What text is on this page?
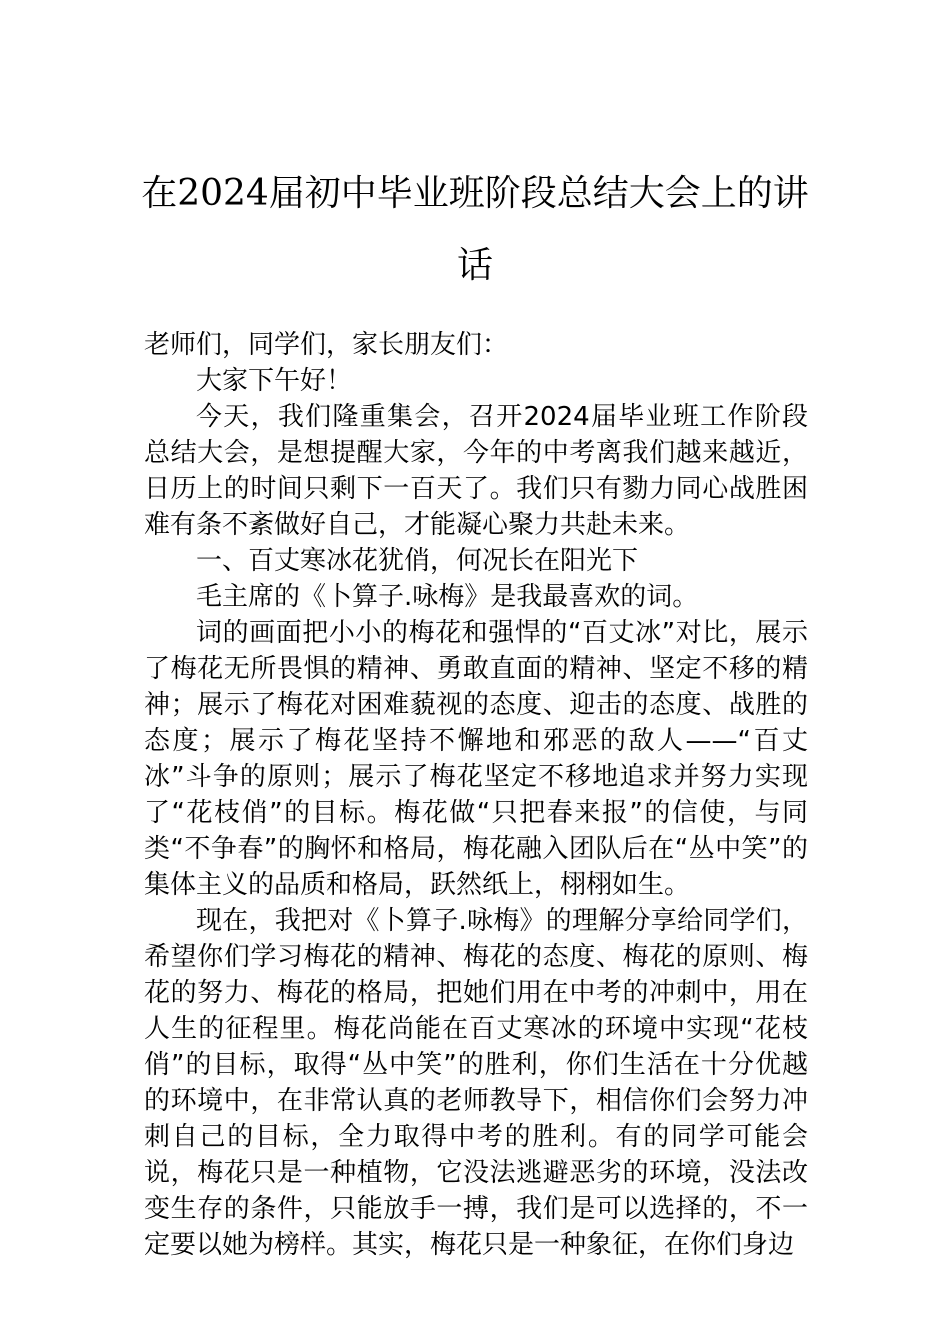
在2024届初中毕业班阶段总结大会上的讲话

老师们，同学们，家长朋友们：

大家下午好！

今天，我们隆重集会，召开2024届毕业班工作阶段总结大会，是想提醒大家，今年的中考离我们越来越近，日历上的时间只剩下一百天了。我们只有勠力同心战胜困难有条不紊做好自己，才能凝心聚力共赴未来。

一、百丈寒冰花犹俏，何况长在阳光下

毛主席的《卜算子.咏梅》是我最喜欢的词。

词的画面把小小的梅花和强悍的“百丈冰”对比，展示了梅花无所畏惧的精神、勇敢直面的精神、坚定不移的精神；展示了梅花对困难藐视的态度、迎击的态度、战胜的态度；展示了梅花坚持不懈地和邪恶的敌人——“百丈冰”斗争的原则；展示了梅花坚定不移地追求并努力实现了“花枝俏”的目标。梅花做“只把春来报”的信使，与同类“不争春”的胸怀和格局，梅花融入团队后在“丛中笑”的集体主义的品质和格局，跃然纸上，栩栩如生。

现在，我把对《卜算子.咏梅》的理解分享给同学们，希望你们学习梅花的精神、梅花的态度、梅花的原则、梅花的努力、梅花的格局，把她们用在中考的冲刺中，用在人生的征程里。梅花尚能在百丈寒冰的环境中实现“花枝俏”的目标，取得“丛中笑”的胜利，你们生活在十分优越的环境中，在非常认真的老师教导下，相信你们会努力冲刺自己的目标，全力取得中考的胜利。有的同学可能会说，梅花只是一种植物，它没法逃避恶劣的环境，没法改变生存的条件，只能放手一搏，我们是可以选择的，不一定要以她为榜样。其实，梅花只是一种象征，在你们身边
